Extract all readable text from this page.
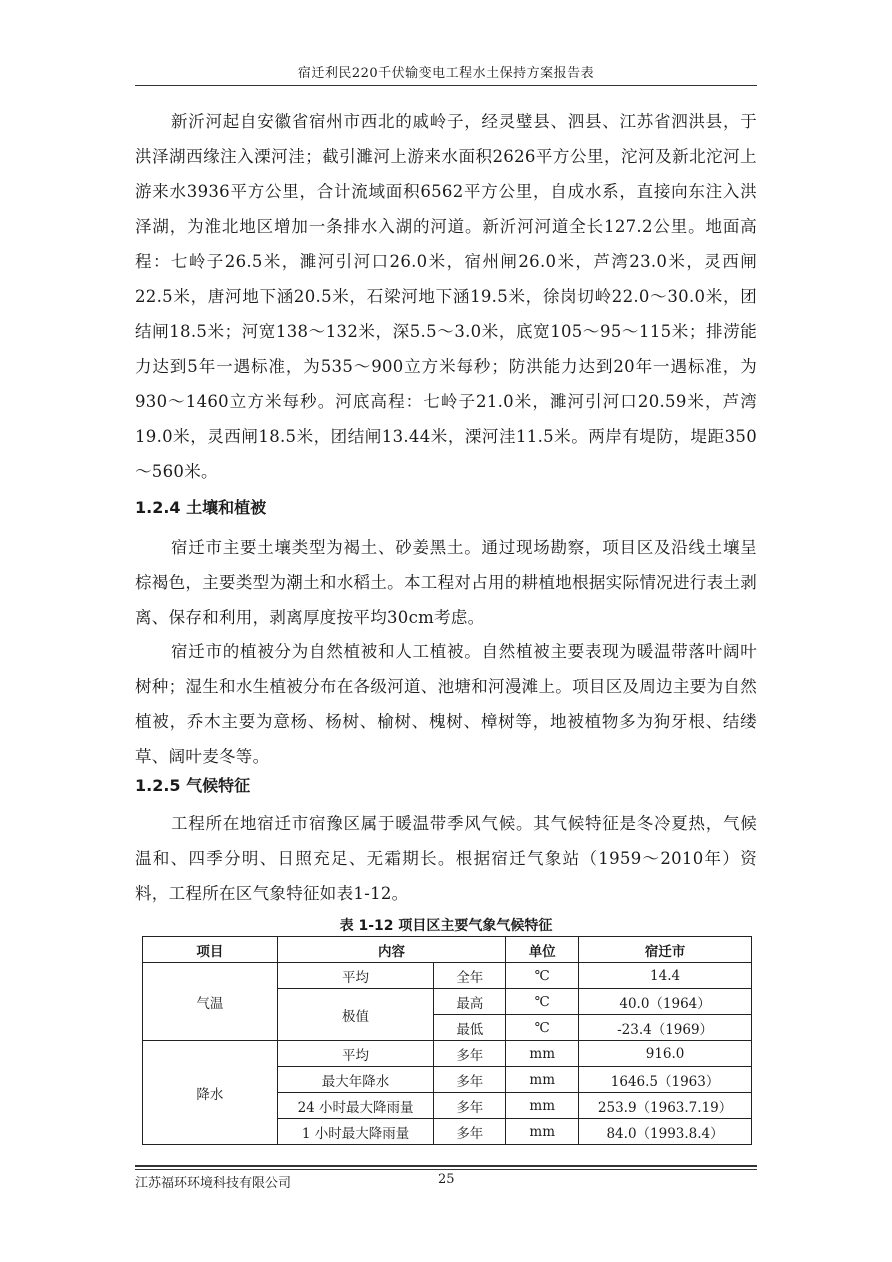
宿迁利民220千伏输变电工程水土保持方案报告表

新沂河起自安徽省宿州市西北的戚岭子，经灵璧县、泗县、江苏省泗洪县，于洪泽湖西缘注入溧河洼；截引濉河上游来水面积2626平方公里，沱河及新北沱河上游来水3936平方公里，合计流域面积6562平方公里，自成水系，直接向东注入洪泽湖，为淮北地区增加一条排水入湖的河道。新沂河河道全长127.2公里。地面高程：七岭子26.5米，濉河引河口26.0米，宿州闸26.0米，芦湾23.0米，灵西闸22.5米，唐河地下涵20.5米，石梁河地下涵19.5米，徐岗切岭22.0～30.0米，团结闸18.5米；河宽138～132米，深5.5～3.0米，底宽105～95～115米；排涝能力达到5年一遇标准，为535～900立方米每秒；防洪能力达到20年一遇标准，为930～1460立方米每秒。河底高程：七岭子21.0米，濉河引河口20.59米，芦湾19.0米，灵西闸18.5米，团结闸13.44米，溧河洼11.5米。两岸有堤防，堤距350～560米。

1.2.4 土壤和植被

宿迁市主要土壤类型为褐土、砂姜黑土。通过现场勘察，项目区及沿线土壤呈棕褐色，主要类型为潮土和水稻土。本工程对占用的耕植地根据实际情况进行表土剥离、保存和利用，剥离厚度按平均30cm考虑。

宿迁市的植被分为自然植被和人工植被。自然植被主要表现为暖温带落叶阔叶树种；湿生和水生植被分布在各级河道、池塘和河漫滩上。项目区及周边主要为自然植被，乔木主要为意杨、杨树、榆树、槐树、樟树等，地被植物多为狗牙根、结缕草、阔叶麦冬等。

1.2.5 气候特征

工程所在地宿迁市宿豫区属于暖温带季风气候。其气候特征是冬冷夏热，气候温和、四季分明、日照充足、无霜期长。根据宿迁气象站（1959～2010年）资料，工程所在区气象特征如表1-12。

表 1-12 项目区主要气象气候特征
项目	内容		单位	宿迁市
气温	平均	全年	℃	14.4
	极值	最高	℃	40.0（1964）
		最低	℃	-23.4（1969）
降水	平均	多年	mm	916.0
	最大年降水	多年	mm	1646.5（1963）
	24 小时最大降雨量	多年	mm	253.9（1963.7.19）
	1 小时最大降雨量	多年	mm	84.0（1993.8.4）
江苏福环环境科技有限公司	25
